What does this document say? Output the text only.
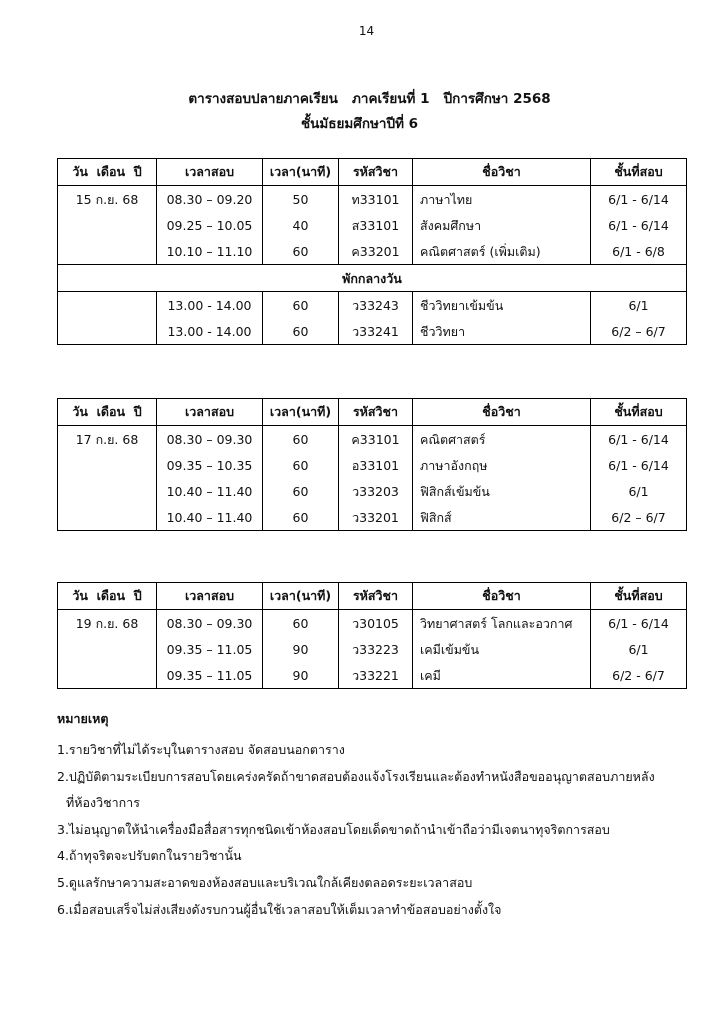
14
ตารางสอบปลายภาคเรียน   ภาคเรียนที่ 1   ปีการศึกษา 2568
ชั้นมัธยมศึกษาปีที่ 6
วัน  เดือน  ปี	เวลาสอบ	เวลา(นาที)	รหัสวิชา	ชื่อวิชา	ชั้นที่สอบ
15 ก.ย. 68	08.30 – 09.20	50	ท33101	ภาษาไทย	6/1 - 6/14
	09.25 – 10.05	40	ส33101	สังคมศึกษา	6/1 - 6/14
	10.10 – 11.10	60	ค33201	คณิตศาสตร์ (เพิ่มเติม)	6/1 - 6/8
พักกลางวัน					
	13.00 - 14.00	60	ว33243	ชีววิทยาเข้มข้น	6/1
	13.00 - 14.00	60	ว33241	ชีววิทยา	6/2 – 6/7
วัน  เดือน  ปี	เวลาสอบ	เวลา(นาที)	รหัสวิชา	ชื่อวิชา	ชั้นที่สอบ
17 ก.ย. 68	08.30 – 09.30	60	ค33101	คณิตศาสตร์	6/1 - 6/14
	09.35 – 10.35	60	อ33101	ภาษาอังกฤษ	6/1 - 6/14
	10.40 – 11.40	60	ว33203	ฟิสิกส์เข้มข้น	6/1
	10.40 – 11.40	60	ว33201	ฟิสิกส์	6/2 – 6/7
วัน  เดือน  ปี	เวลาสอบ	เวลา(นาที)	รหัสวิชา	ชื่อวิชา	ชั้นที่สอบ
19 ก.ย. 68	08.30 – 09.30	60	ว30105	วิทยาศาสตร์ โลกและอวกาศ	6/1 - 6/14
	09.35 – 11.05	90	ว33223	เคมีเข้มข้น	6/1
	09.35 – 11.05	90	ว33221	เคมี	6/2 - 6/7
หมายเหตุ
1.รายวิชาที่ไม่ได้ระบุในตารางสอบ จัดสอบนอกตาราง
2.ปฏิบัติตามระเบียบการสอบโดยเคร่งครัดถ้าขาดสอบต้องแจ้งโรงเรียนและต้องทำหนังสือขออนุญาตสอบภายหลัง
ที่ห้องวิชาการ
3.ไม่อนุญาตให้นำเครื่องมือสื่อสารทุกชนิดเข้าห้องสอบโดยเด็ดขาดถ้านำเข้าถือว่ามีเจตนาทุจริตการสอบ
4.ถ้าทุจริตจะปรับตกในรายวิชานั้น
5.ดูแลรักษาความสะอาดของห้องสอบและบริเวณใกล้เคียงตลอดระยะเวลาสอบ
6.เมื่อสอบเสร็จไม่ส่งเสียงดังรบกวนผู้อื่นใช้เวลาสอบให้เต็มเวลาทำข้อสอบอย่างตั้งใจ
